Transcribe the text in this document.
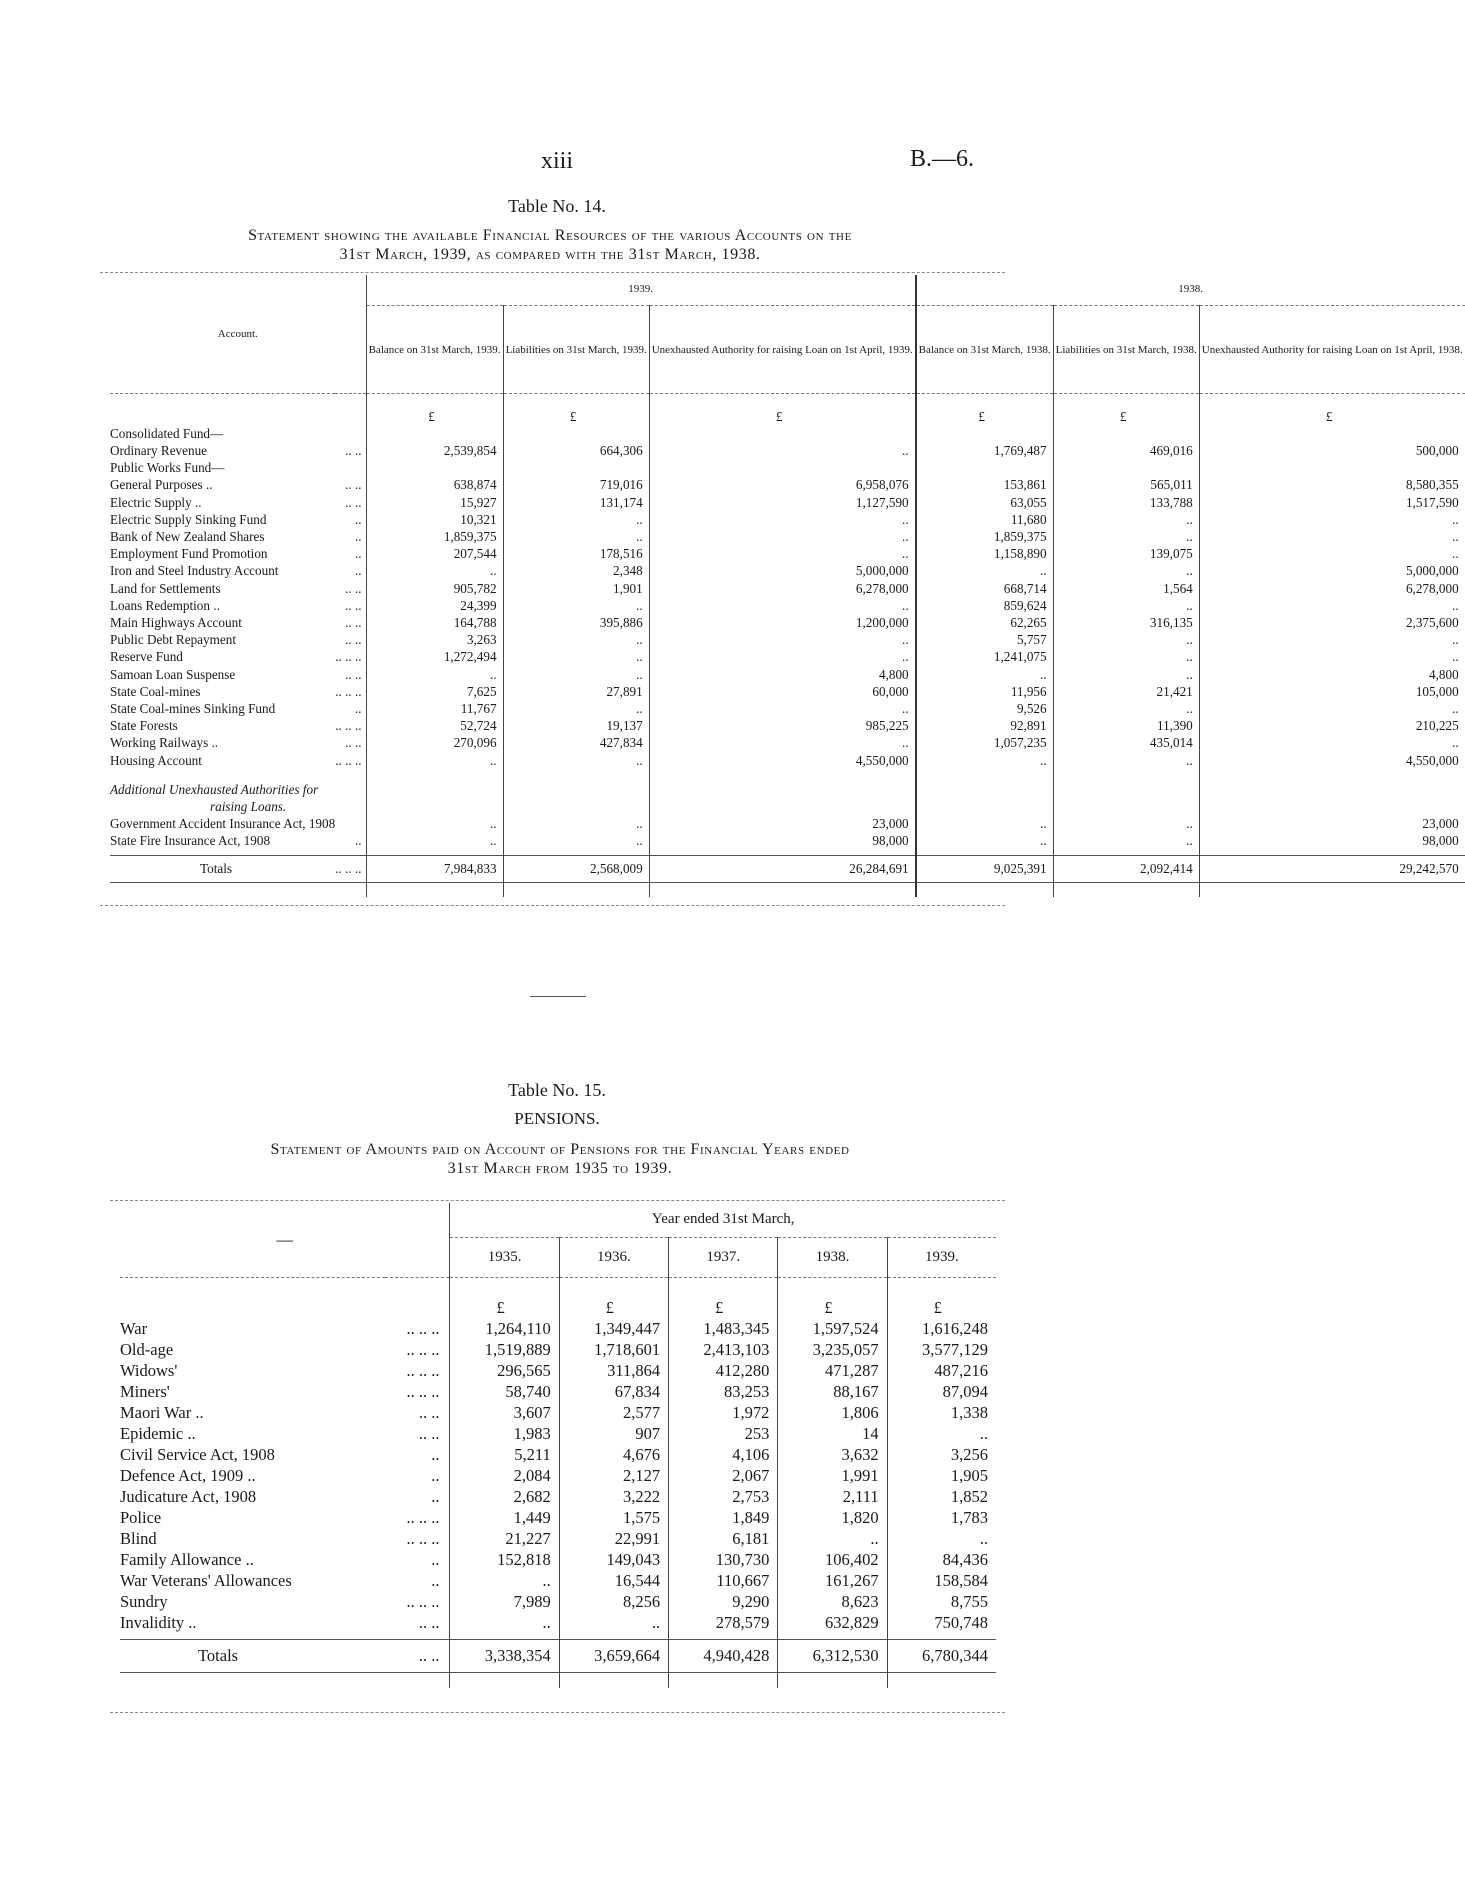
xiii	B.—6.
Table No. 14.
Statement showing the available Financial Resources of the various Accounts on the
31st March, 1939, as compared with the 31st March, 1938.
Account.		1939.			1938.		
		Balance on 31st March, 1939.	Liabilities on 31st March, 1939.	Unexhausted Authority for raising Loan on 1st April, 1939.	Balance on 31st March, 1938.	Liabilities on 31st March, 1938.	Unexhausted Authority for raising Loan on 1st April, 1938.

		£	£	£	£	£	£
Consolidated Fund—							
Ordinary Revenue	.. ..	2,539,854	664,306	..	1,769,487	469,016	500,000
Public Works Fund—							
General Purposes ..	.. ..	638,874	719,016	6,958,076	153,861	565,011	8,580,355
Electric Supply ..	.. ..	15,927	131,174	1,127,590	63,055	133,788	1,517,590
Electric Supply Sinking Fund	..	10,321	..	..	11,680	..	..
Bank of New Zealand Shares	..	1,859,375	..	..	1,859,375	..	..
Employment Fund Promotion	..	207,544	178,516	..	1,158,890	139,075	..
Iron and Steel Industry Account	..	..	2,348	5,000,000	..	..	5,000,000
Land for Settlements	.. ..	905,782	1,901	6,278,000	668,714	1,564	6,278,000
Loans Redemption ..	.. ..	24,399	..	..	859,624	..	..
Main Highways Account	.. ..	164,788	395,886	1,200,000	62,265	316,135	2,375,600
Public Debt Repayment	.. ..	3,263	..	..	5,757	..	..
Reserve Fund	.. .. ..	1,272,494	..	..	1,241,075	..	..
Samoan Loan Suspense	.. ..	..	..	4,800	..	..	4,800
State Coal-mines	.. .. ..	7,625	27,891	60,000	11,956	21,421	105,000
State Coal-mines Sinking Fund	..	11,767	..	..	9,526	..	..
State Forests	.. .. ..	52,724	19,137	985,225	92,891	11,390	210,225
Working Railways ..	.. ..	270,096	427,834	..	1,057,235	435,014	..
Housing Account	.. .. ..	..	..	4,550,000	..	..	4,550,000

Additional Unexhausted Authorities for							
raising Loans.							
Government Accident Insurance Act, 1908		..	..	23,000	..	..	23,000
State Fire Insurance Act, 1908	..	..	..	98,000	..	..	98,000

Totals	.. .. ..	7,984,833	2,568,009	26,284,691	9,025,391	2,092,414	29,242,570

Table No. 15.
PENSIONS.
Statement of Amounts paid on Account of Pensions for the Financial Years ended
31st March from 1935 to 1939.
—		Year ended 31st March,				
		1935.	1936.	1937.	1938.	1939.

		£	£	£	£	£
War	.. .. ..	1,264,110	1,349,447	1,483,345	1,597,524	1,616,248
Old-age	.. .. ..	1,519,889	1,718,601	2,413,103	3,235,057	3,577,129
Widows'	.. .. ..	296,565	311,864	412,280	471,287	487,216
Miners'	.. .. ..	58,740	67,834	83,253	88,167	87,094
Maori War ..	.. ..	3,607	2,577	1,972	1,806	1,338
Epidemic ..	.. ..	1,983	907	253	14	..
Civil Service Act, 1908	..	5,211	4,676	4,106	3,632	3,256
Defence Act, 1909 ..	..	2,084	2,127	2,067	1,991	1,905
Judicature Act, 1908	..	2,682	3,222	2,753	2,111	1,852
Police	.. .. ..	1,449	1,575	1,849	1,820	1,783
Blind	.. .. ..	21,227	22,991	6,181	..	..
Family Allowance ..	..	152,818	149,043	130,730	106,402	84,436
War Veterans' Allowances	..	..	16,544	110,667	161,267	158,584
Sundry	.. .. ..	7,989	8,256	9,290	8,623	8,755
Invalidity ..	.. ..	..	..	278,579	632,829	750,748

Totals	.. ..	3,338,354	3,659,664	4,940,428	6,312,530	6,780,344
